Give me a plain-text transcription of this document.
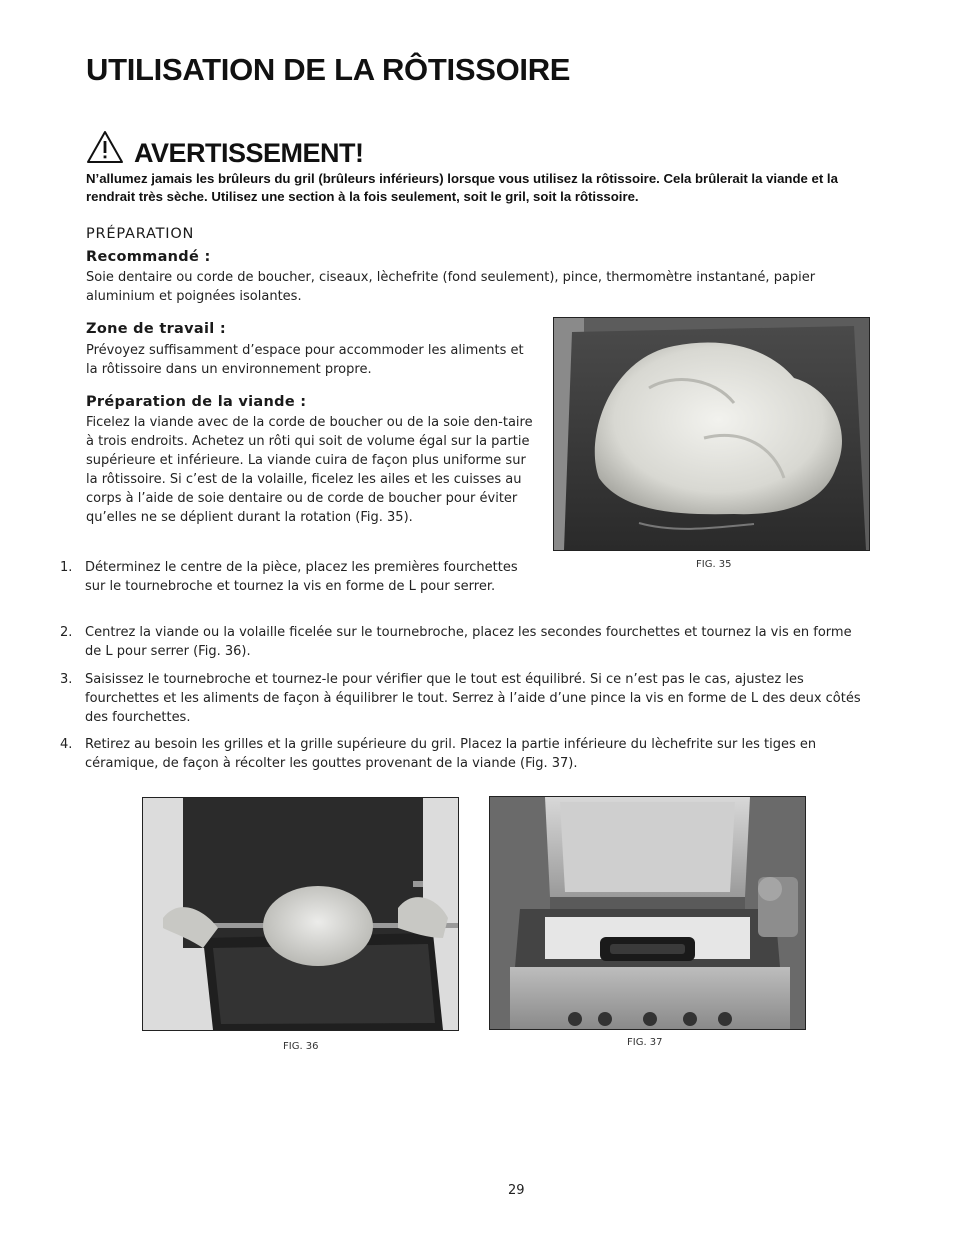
UTILISATION DE LA RÔTISSOIRE
AVERTISSEMENT!
N’allumez jamais les brûleurs du gril (brûleurs inférieurs) lorsque vous utilisez la rôtissoire. Cela brûlerait la viande et la rendrait très sèche. Utilisez une section à la fois seulement, soit le gril, soit la rôtissoire.
PRÉPARATION
Recommandé :
Soie dentaire ou corde de boucher, ciseaux, lèchefrite (fond seulement), pince, thermomètre instantané, papier aluminium et poignées isolantes.
Zone de travail :
Prévoyez suffisamment d’espace pour accommoder les aliments et la rôtissoire dans un environnement propre.
Préparation de la viande :
Ficelez la viande avec de la corde de boucher ou de la soie den-taire à trois endroits. Achetez un rôti qui soit de volume égal sur la partie supérieure et inférieure. La viande cuira de façon plus uniforme sur la rôtissoire. Si c’est de la volaille, ficelez les ailes et les cuisses au corps à l’aide de soie dentaire ou de corde de boucher pour éviter qu’elles ne se déplient durant la rotation (Fig. 35).
FIG. 35
1. Déterminez le centre de la pièce, placez les premières fourchettes sur le tournebroche et tournez la vis en forme de L pour serrer.
2. Centrez la viande ou la volaille ficelée sur le tournebroche, placez les secondes fourchettes et tournez la vis en forme de L pour serrer (Fig. 36).
3. Saisissez le tournebroche et tournez-le pour vérifier que le tout est équilibré. Si ce n’est pas le cas, ajustez les fourchettes et les aliments de façon à équilibrer le tout. Serrez à l’aide d’une pince la vis en forme de L des deux côtés des fourchettes.
4. Retirez au besoin les grilles et la grille supérieure du gril. Placez la partie inférieure du lèchefrite sur les tiges en céramique, de façon à récolter les gouttes provenant de la viande (Fig. 37).
FIG. 36	FIG. 37
29
